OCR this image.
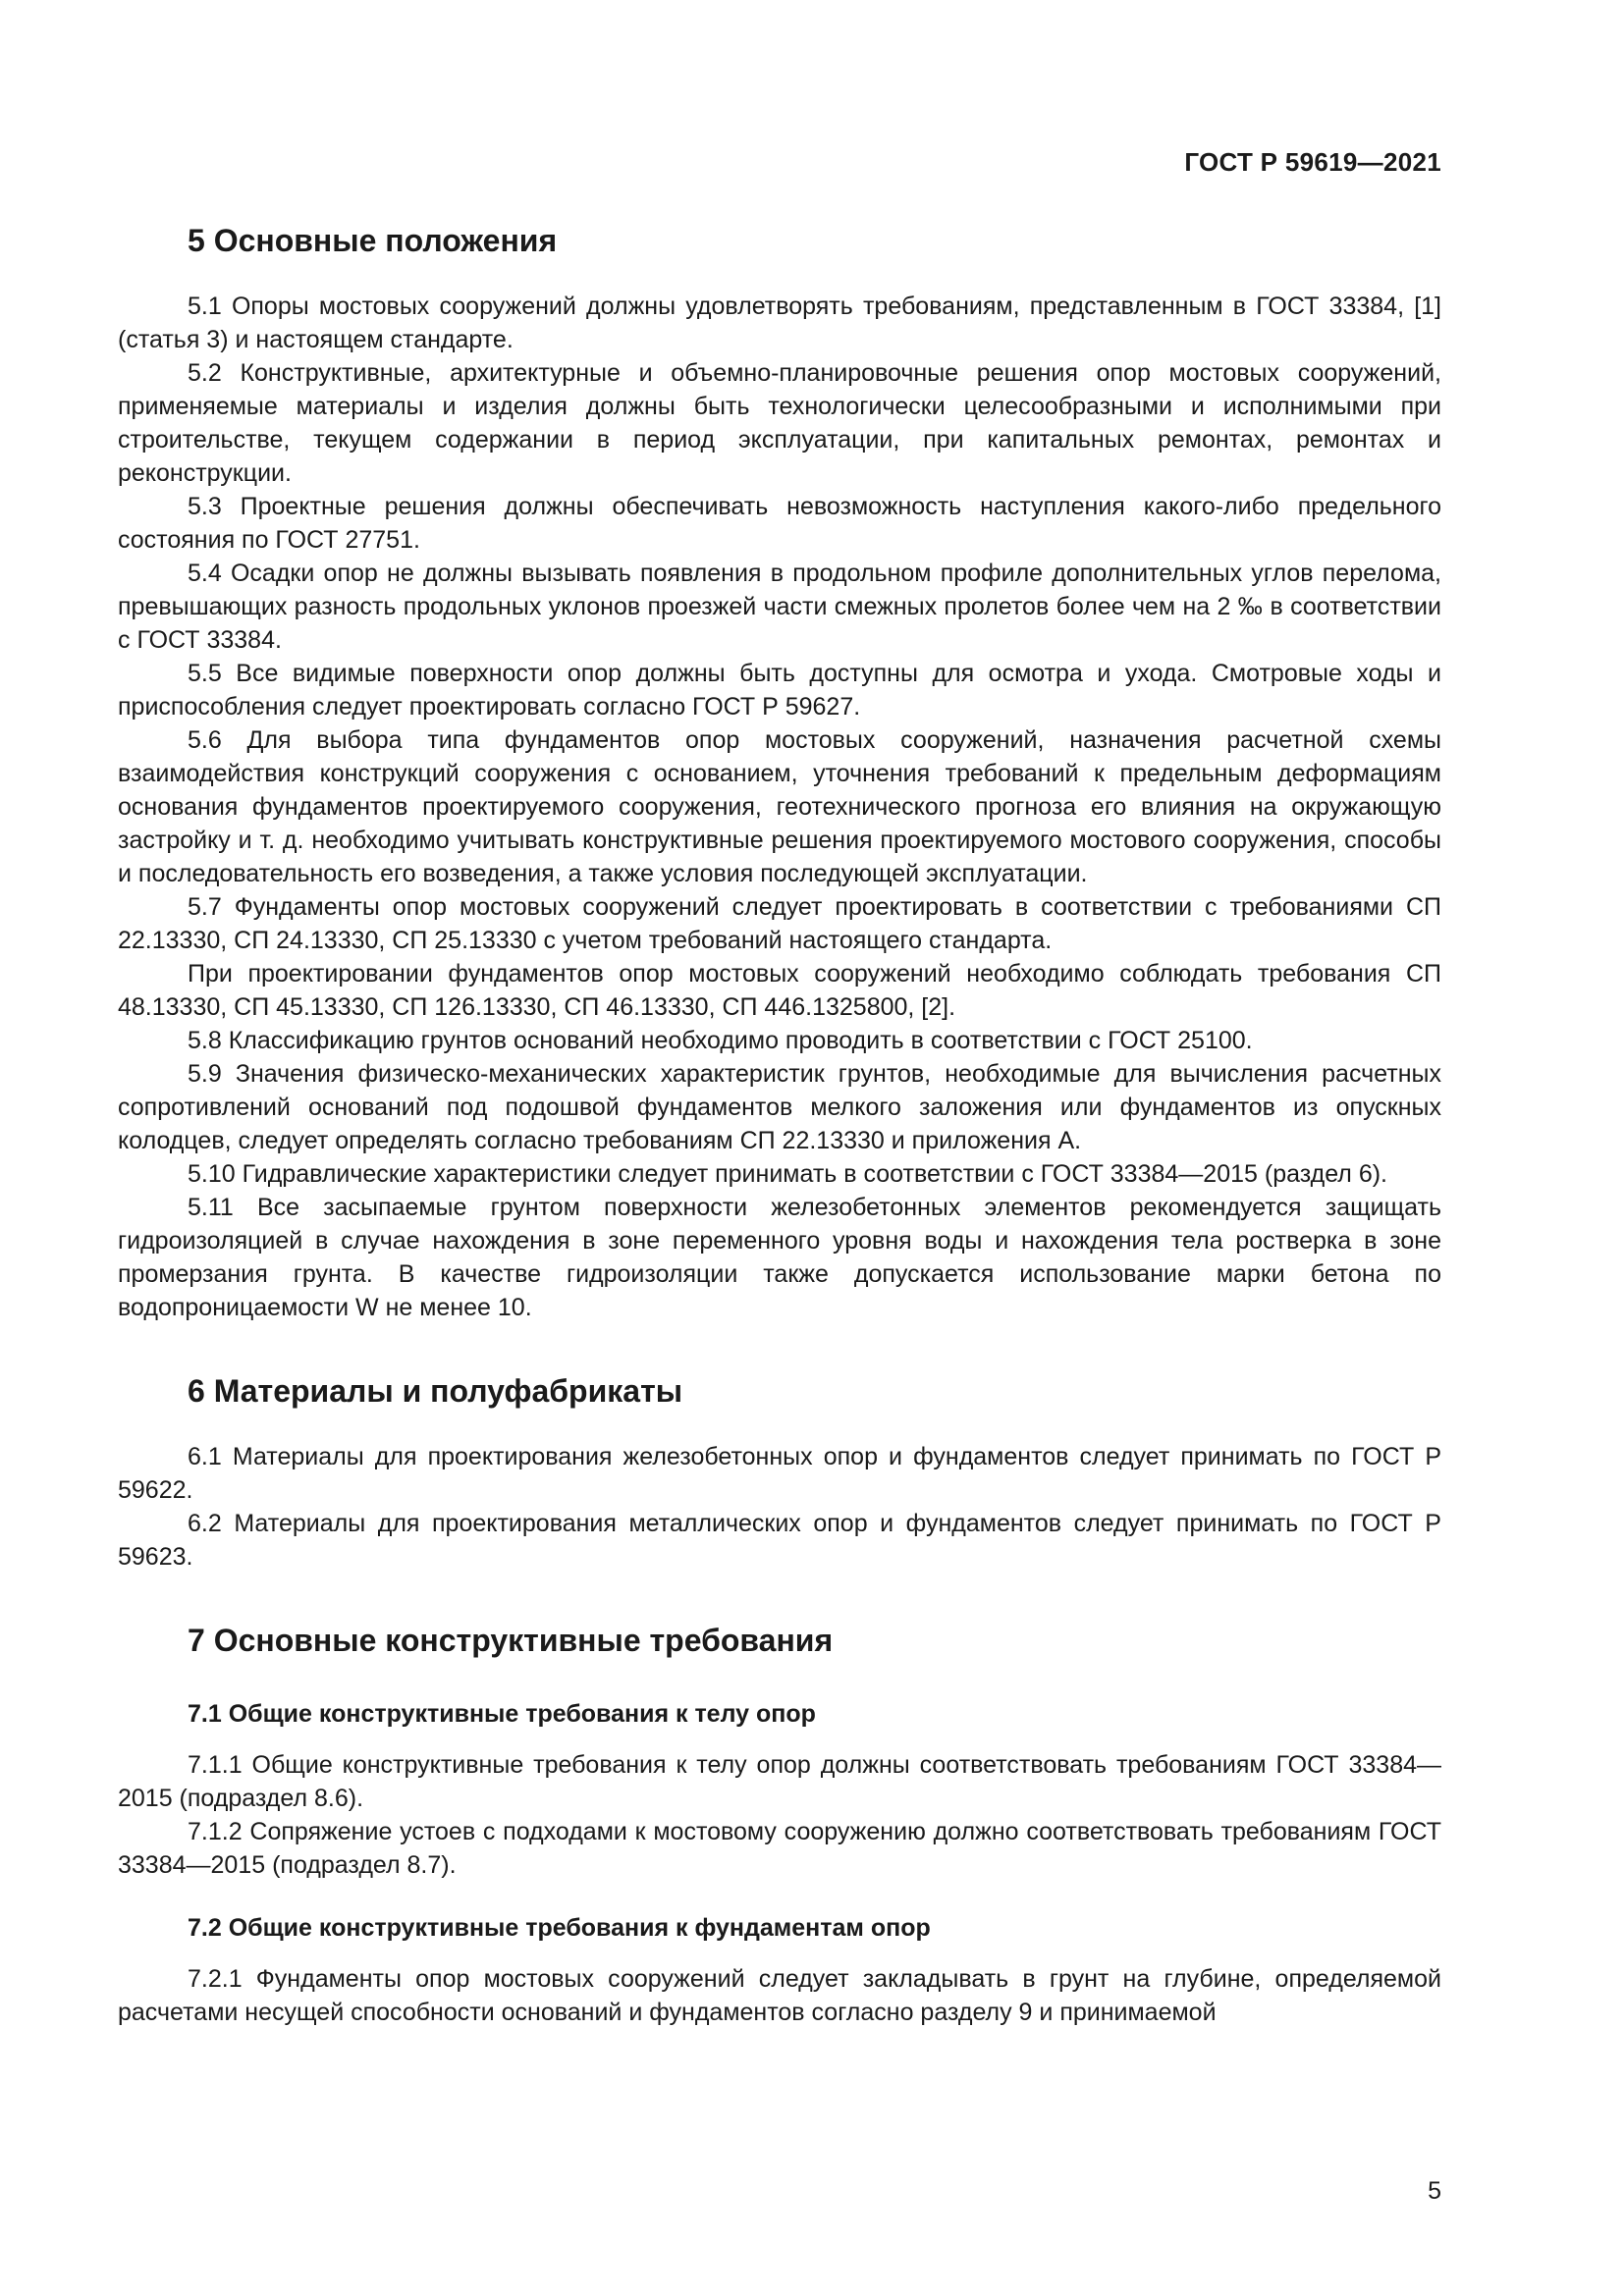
ГОСТ Р 59619—2021
5 Основные положения

5.1 Опоры мостовых сооружений должны удовлетворять требованиям, представленным в ГОСТ 33384, [1] (статья 3) и настоящем стандарте.

5.2 Конструктивные, архитектурные и объемно-планировочные решения опор мостовых сооружений, применяемые материалы и изделия должны быть технологически целесообразными и исполнимыми при строительстве, текущем содержании в период эксплуатации, при капитальных ремонтах, ремонтах и реконструкции.

5.3 Проектные решения должны обеспечивать невозможность наступления какого-либо предельного состояния по ГОСТ 27751.

5.4 Осадки опор не должны вызывать появления в продольном профиле дополнительных углов перелома, превышающих разность продольных уклонов проезжей части смежных пролетов более чем на 2 ‰ в соответствии с ГОСТ 33384.

5.5 Все видимые поверхности опор должны быть доступны для осмотра и ухода. Смотровые ходы и приспособления следует проектировать согласно ГОСТ Р 59627.

5.6 Для выбора типа фундаментов опор мостовых сооружений, назначения расчетной схемы взаимодействия конструкций сооружения с основанием, уточнения требований к предельным деформациям основания фундаментов проектируемого сооружения, геотехнического прогноза его влияния на окружающую застройку и т. д. необходимо учитывать конструктивные решения проектируемого мостового сооружения, способы и последовательность его возведения, а также условия последующей эксплуатации.

5.7 Фундаменты опор мостовых сооружений следует проектировать в соответствии с требованиями СП 22.13330, СП 24.13330, СП 25.13330 с учетом требований настоящего стандарта.

При проектировании фундаментов опор мостовых сооружений необходимо соблюдать требования СП 48.13330, СП 45.13330, СП 126.13330, СП 46.13330, СП 446.1325800, [2].

5.8 Классификацию грунтов оснований необходимо проводить в соответствии с ГОСТ 25100.

5.9 Значения физическо-механических характеристик грунтов, необходимые для вычисления расчетных сопротивлений оснований под подошвой фундаментов мелкого заложения или фундаментов из опускных колодцев, следует определять согласно требованиям СП 22.13330 и приложения А.

5.10 Гидравлические характеристики следует принимать в соответствии с ГОСТ 33384—2015 (раздел 6).

5.11 Все засыпаемые грунтом поверхности железобетонных элементов рекомендуется защищать гидроизоляцией в случае нахождения в зоне переменного уровня воды и нахождения тела ростверка в зоне промерзания грунта. В качестве гидроизоляции также допускается использование марки бетона по водопроницаемости W не менее 10.

6 Материалы и полуфабрикаты

6.1 Материалы для проектирования железобетонных опор и фундаментов следует принимать по ГОСТ Р 59622.

6.2 Материалы для проектирования металлических опор и фундаментов следует принимать по ГОСТ Р 59623.

7 Основные конструктивные требования
7.1 Общие конструктивные требования к телу опор

7.1.1 Общие конструктивные требования к телу опор должны соответствовать требованиям ГОСТ 33384—2015 (подраздел 8.6).

7.1.2 Сопряжение устоев с подходами к мостовому сооружению должно соответствовать требованиям ГОСТ 33384—2015 (подраздел 8.7).

7.2 Общие конструктивные требования к фундаментам опор

7.2.1 Фундаменты опор мостовых сооружений следует закладывать в грунт на глубине, определяемой расчетами несущей способности оснований и фундаментов согласно разделу 9 и принимаемой

5
